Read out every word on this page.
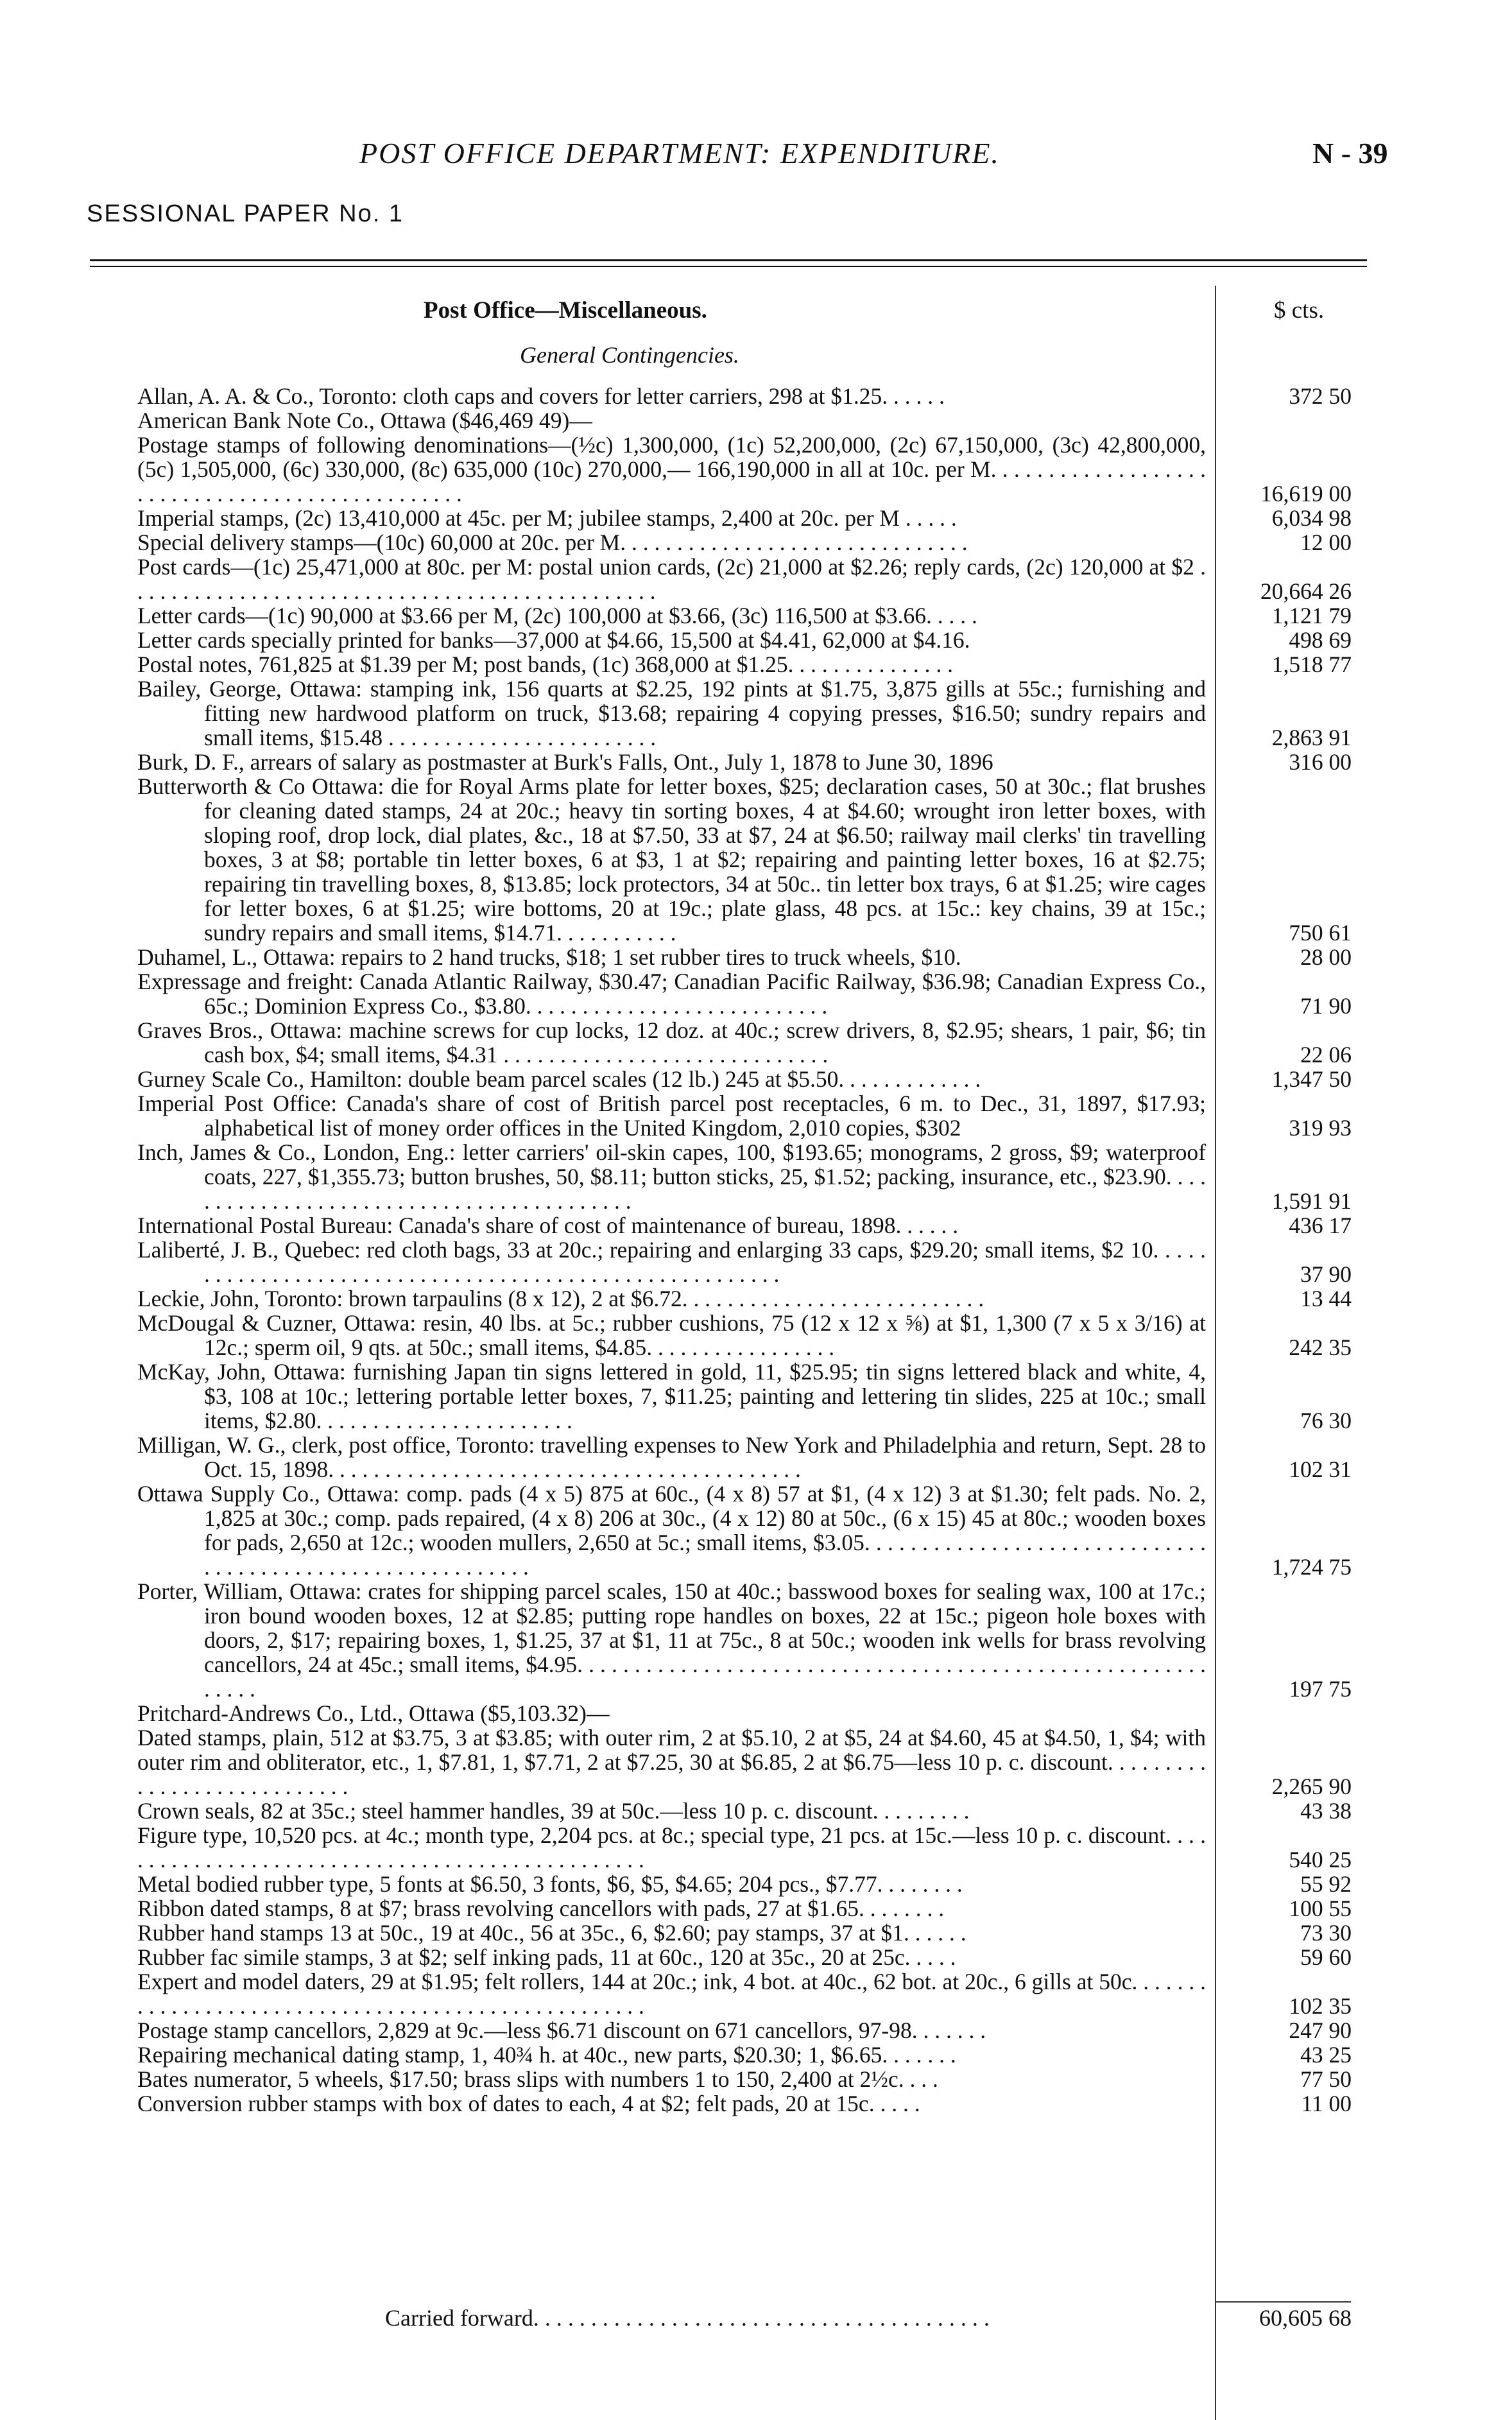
POST OFFICE DEPARTMENT: EXPENDITURE.	N - 39
SESSIONAL PAPER No. 1
Post Office—Miscellaneous.	$ cts.
General Contingencies.
Allan, A. A. & Co., Toronto: cloth caps and covers for letter carriers, 298 at $1.25. . . . . .	372 50
American Bank Note Co., Ottawa ($46,469 49)—
Postage stamps of following denominations—(½c) 1,300,000, (1c) 52,200,000, (2c) 67,150,000, (3c) 42,800,000, (5c) 1,505,000, (6c) 330,000, (8c) 635,000 (10c) 270,000,— 166,190,000 in all at 10c. per M. . . . . . . . . . . . . . . . . . . . . . . . . . . . . . . . . . . . . . . . . . . . . . . .	16,619 00
Imperial stamps, (2c) 13,410,000 at 45c. per M; jubilee stamps, 2,400 at 20c. per M . . . . .	6,034 98
Special delivery stamps—(10c) 60,000 at 20c. per M. . . . . . . . . . . . . . . . . . . . . . . . . . . . . . .	12 00
Post cards—(1c) 25,471,000 at 80c. per M: postal union cards, (2c) 21,000 at $2.26; reply cards, (2c) 120,000 at $2 . . . . . . . . . . . . . . . . . . . . . . . . . . . . . . . . . . . . . . . . . . . . . . .	20,664 26
Letter cards—(1c) 90,000 at $3.66 per M, (2c) 100,000 at $3.66, (3c) 116,500 at $3.66. . . . .	1,121 79
Letter cards specially printed for banks—37,000 at $4.66, 15,500 at $4.41, 62,000 at $4.16.	498 69
Postal notes, 761,825 at $1.39 per M; post bands, (1c) 368,000 at $1.25. . . . . . . . . . . . . . .	1,518 77
Bailey, George, Ottawa: stamping ink, 156 quarts at $2.25, 192 pints at $1.75, 3,875 gills at 55c.; furnishing and fitting new hardwood platform on truck, $13.68; repairing 4 copying presses, $16.50; sundry repairs and small items, $15.48 . . . . . . . . . . . . . . . . . . . . . . . .	2,863 91
Burk, D. F., arrears of salary as postmaster at Burk's Falls, Ont., July 1, 1878 to June 30, 1896	316 00
Butterworth & Co Ottawa: die for Royal Arms plate for letter boxes, $25; declaration cases, 50 at 30c.; flat brushes for cleaning dated stamps, 24 at 20c.; heavy tin sorting boxes, 4 at $4.60; wrought iron letter boxes, with sloping roof, drop lock, dial plates, &c., 18 at $7.50, 33 at $7, 24 at $6.50; railway mail clerks' tin travelling boxes, 3 at $8; portable tin letter boxes, 6 at $3, 1 at $2; repairing and painting letter boxes, 16 at $2.75; repairing tin travelling boxes, 8, $13.85; lock protectors, 34 at 50c.. tin letter box trays, 6 at $1.25; wire cages for letter boxes, 6 at $1.25; wire bottoms, 20 at 19c.; plate glass, 48 pcs. at 15c.: key chains, 39 at 15c.; sundry repairs and small items, $14.71. . . . . . . . . . .	750 61
Duhamel, L., Ottawa: repairs to 2 hand trucks, $18; 1 set rubber tires to truck wheels, $10.	28 00
Expressage and freight: Canada Atlantic Railway, $30.47; Canadian Pacific Railway, $36.98; Canadian Express Co., 65c.; Dominion Express Co., $3.80. . . . . . . . . . . . . . . . . . . . . . . . . . .	71 90
Graves Bros., Ottawa: machine screws for cup locks, 12 doz. at 40c.; screw drivers, 8, $2.95; shears, 1 pair, $6; tin cash box, $4; small items, $4.31 . . . . . . . . . . . . . . . . . . . . . . . . . . . . .	22 06
Gurney Scale Co., Hamilton: double beam parcel scales (12 lb.) 245 at $5.50. . . . . . . . . . . . .	1,347 50
Imperial Post Office: Canada's share of cost of British parcel post receptacles, 6 m. to Dec., 31, 1897, $17.93; alphabetical list of money order offices in the United Kingdom, 2,010 copies, $302	319 93
Inch, James & Co., London, Eng.: letter carriers' oil-skin capes, 100, $193.65; monograms, 2 gross, $9; waterproof coats, 227, $1,355.73; button brushes, 50, $8.11; button sticks, 25, $1.52; packing, insurance, etc., $23.90. . . . . . . . . . . . . . . . . . . . . . . . . . . . . . . . . . . . . . . . . .	1,591 91
International Postal Bureau: Canada's share of cost of maintenance of bureau, 1898. . . . . .	436 17
Laliberté, J. B., Quebec: red cloth bags, 33 at 20c.; repairing and enlarging 33 caps, $29.20; small items, $2 10. . . . . . . . . . . . . . . . . . . . . . . . . . . . . . . . . . . . . . . . . . . . . . . . . . . . . . . .	37 90
Leckie, John, Toronto: brown tarpaulins (8 x 12), 2 at $6.72. . . . . . . . . . . . . . . . . . . . . . . . . . .	13 44
McDougal & Cuzner, Ottawa: resin, 40 lbs. at 5c.; rubber cushions, 75 (12 x 12 x ⅝) at $1, 1,300 (7 x 5 x 3/16) at 12c.; sperm oil, 9 qts. at 50c.; small items, $4.85. . . . . . . . . . . . . . . . .	242 35
McKay, John, Ottawa: furnishing Japan tin signs lettered in gold, 11, $25.95; tin signs lettered black and white, 4, $3, 108 at 10c.; lettering portable letter boxes, 7, $11.25; painting and lettering tin slides, 225 at 10c.; small items, $2.80. . . . . . . . . . . . . . . . . . . . . . .	76 30
Milligan, W. G., clerk, post office, Toronto: travelling expenses to New York and Philadelphia and return, Sept. 28 to Oct. 15, 1898. . . . . . . . . . . . . . . . . . . . . . . . . . . . . . . . . . . . . . . . . .	102 31
Ottawa Supply Co., Ottawa: comp. pads (4 x 5) 875 at 60c., (4 x 8) 57 at $1, (4 x 12) 3 at $1.30; felt pads. No. 2, 1,825 at 30c.; comp. pads repaired, (4 x 8) 206 at 30c., (4 x 12) 80 at 50c., (6 x 15) 45 at 80c.; wooden boxes for pads, 2,650 at 12c.; wooden mullers, 2,650 at 5c.; small items, $3.05. . . . . . . . . . . . . . . . . . . . . . . . . . . . . . . . . . . . . . . . . . . . . . . . . . . . . . . . . . .	1,724 75
Porter, William, Ottawa: crates for shipping parcel scales, 150 at 40c.; basswood boxes for sealing wax, 100 at 17c.; iron bound wooden boxes, 12 at $2.85; putting rope handles on boxes, 22 at 15c.; pigeon hole boxes with doors, 2, $17; repairing boxes, 1, $1.25, 37 at $1, 11 at 75c., 8 at 50c.; wooden ink wells for brass revolving cancellors, 24 at 45c.; small items, $4.95. . . . . . . . . . . . . . . . . . . . . . . . . . . . . . . . . . . . . . . . . . . . . . . . . . . . . . . . . . . .	197 75
Pritchard-Andrews Co., Ltd., Ottawa ($5,103.32)—
Dated stamps, plain, 512 at $3.75, 3 at $3.85; with outer rim, 2 at $5.10, 2 at $5, 24 at $4.60, 45 at $4.50, 1, $4; with outer rim and obliterator, etc., 1, $7.81, 1, $7.71, 2 at $7.25, 30 at $6.85, 2 at $6.75—less 10 p. c. discount. . . . . . . . . . . . . . . . . . . . . . . . . . . .	2,265 90
Crown seals, 82 at 35c.; steel hammer handles, 39 at 50c.—less 10 p. c. discount. . . . . . . . .	43 38
Figure type, 10,520 pcs. at 4c.; month type, 2,204 pcs. at 8c.; special type, 21 pcs. at 15c.—less 10 p. c. discount. . . . . . . . . . . . . . . . . . . . . . . . . . . . . . . . . . . . . . . . . . . . . . . . .	540 25
Metal bodied rubber type, 5 fonts at $6.50, 3 fonts, $6, $5, $4.65; 204 pcs., $7.77. . . . . . . .	55 92
Ribbon dated stamps, 8 at $7; brass revolving cancellors with pads, 27 at $1.65. . . . . . . .	100 55
Rubber hand stamps 13 at 50c., 19 at 40c., 56 at 35c., 6, $2.60; pay stamps, 37 at $1. . . . . .	73 30
Rubber fac simile stamps, 3 at $2; self inking pads, 11 at 60c., 120 at 35c., 20 at 25c. . . . .	59 60
Expert and model daters, 29 at $1.95; felt rollers, 144 at 20c.; ink, 4 bot. at 40c., 62 bot. at 20c., 6 gills at 50c. . . . . . . . . . . . . . . . . . . . . . . . . . . . . . . . . . . . . . . . . . . . . . . . . . . .	102 35
Postage stamp cancellors, 2,829 at 9c.—less $6.71 discount on 671 cancellors, 97-98. . . . . . .	247 90
Repairing mechanical dating stamp, 1, 40¾ h. at 40c., new parts, $20.30; 1, $6.65. . . . . . .	43 25
Bates numerator, 5 wheels, $17.50; brass slips with numbers 1 to 150, 2,400 at 2½c. . . .	77 50
Conversion rubber stamps with box of dates to each, 4 at $2; felt pads, 20 at 15c. . . . .	11 00
Carried forward. . . . . . . . . . . . . . . . . . . . . . . . . . . . . . . . . . . . . . . .	60,605 68
